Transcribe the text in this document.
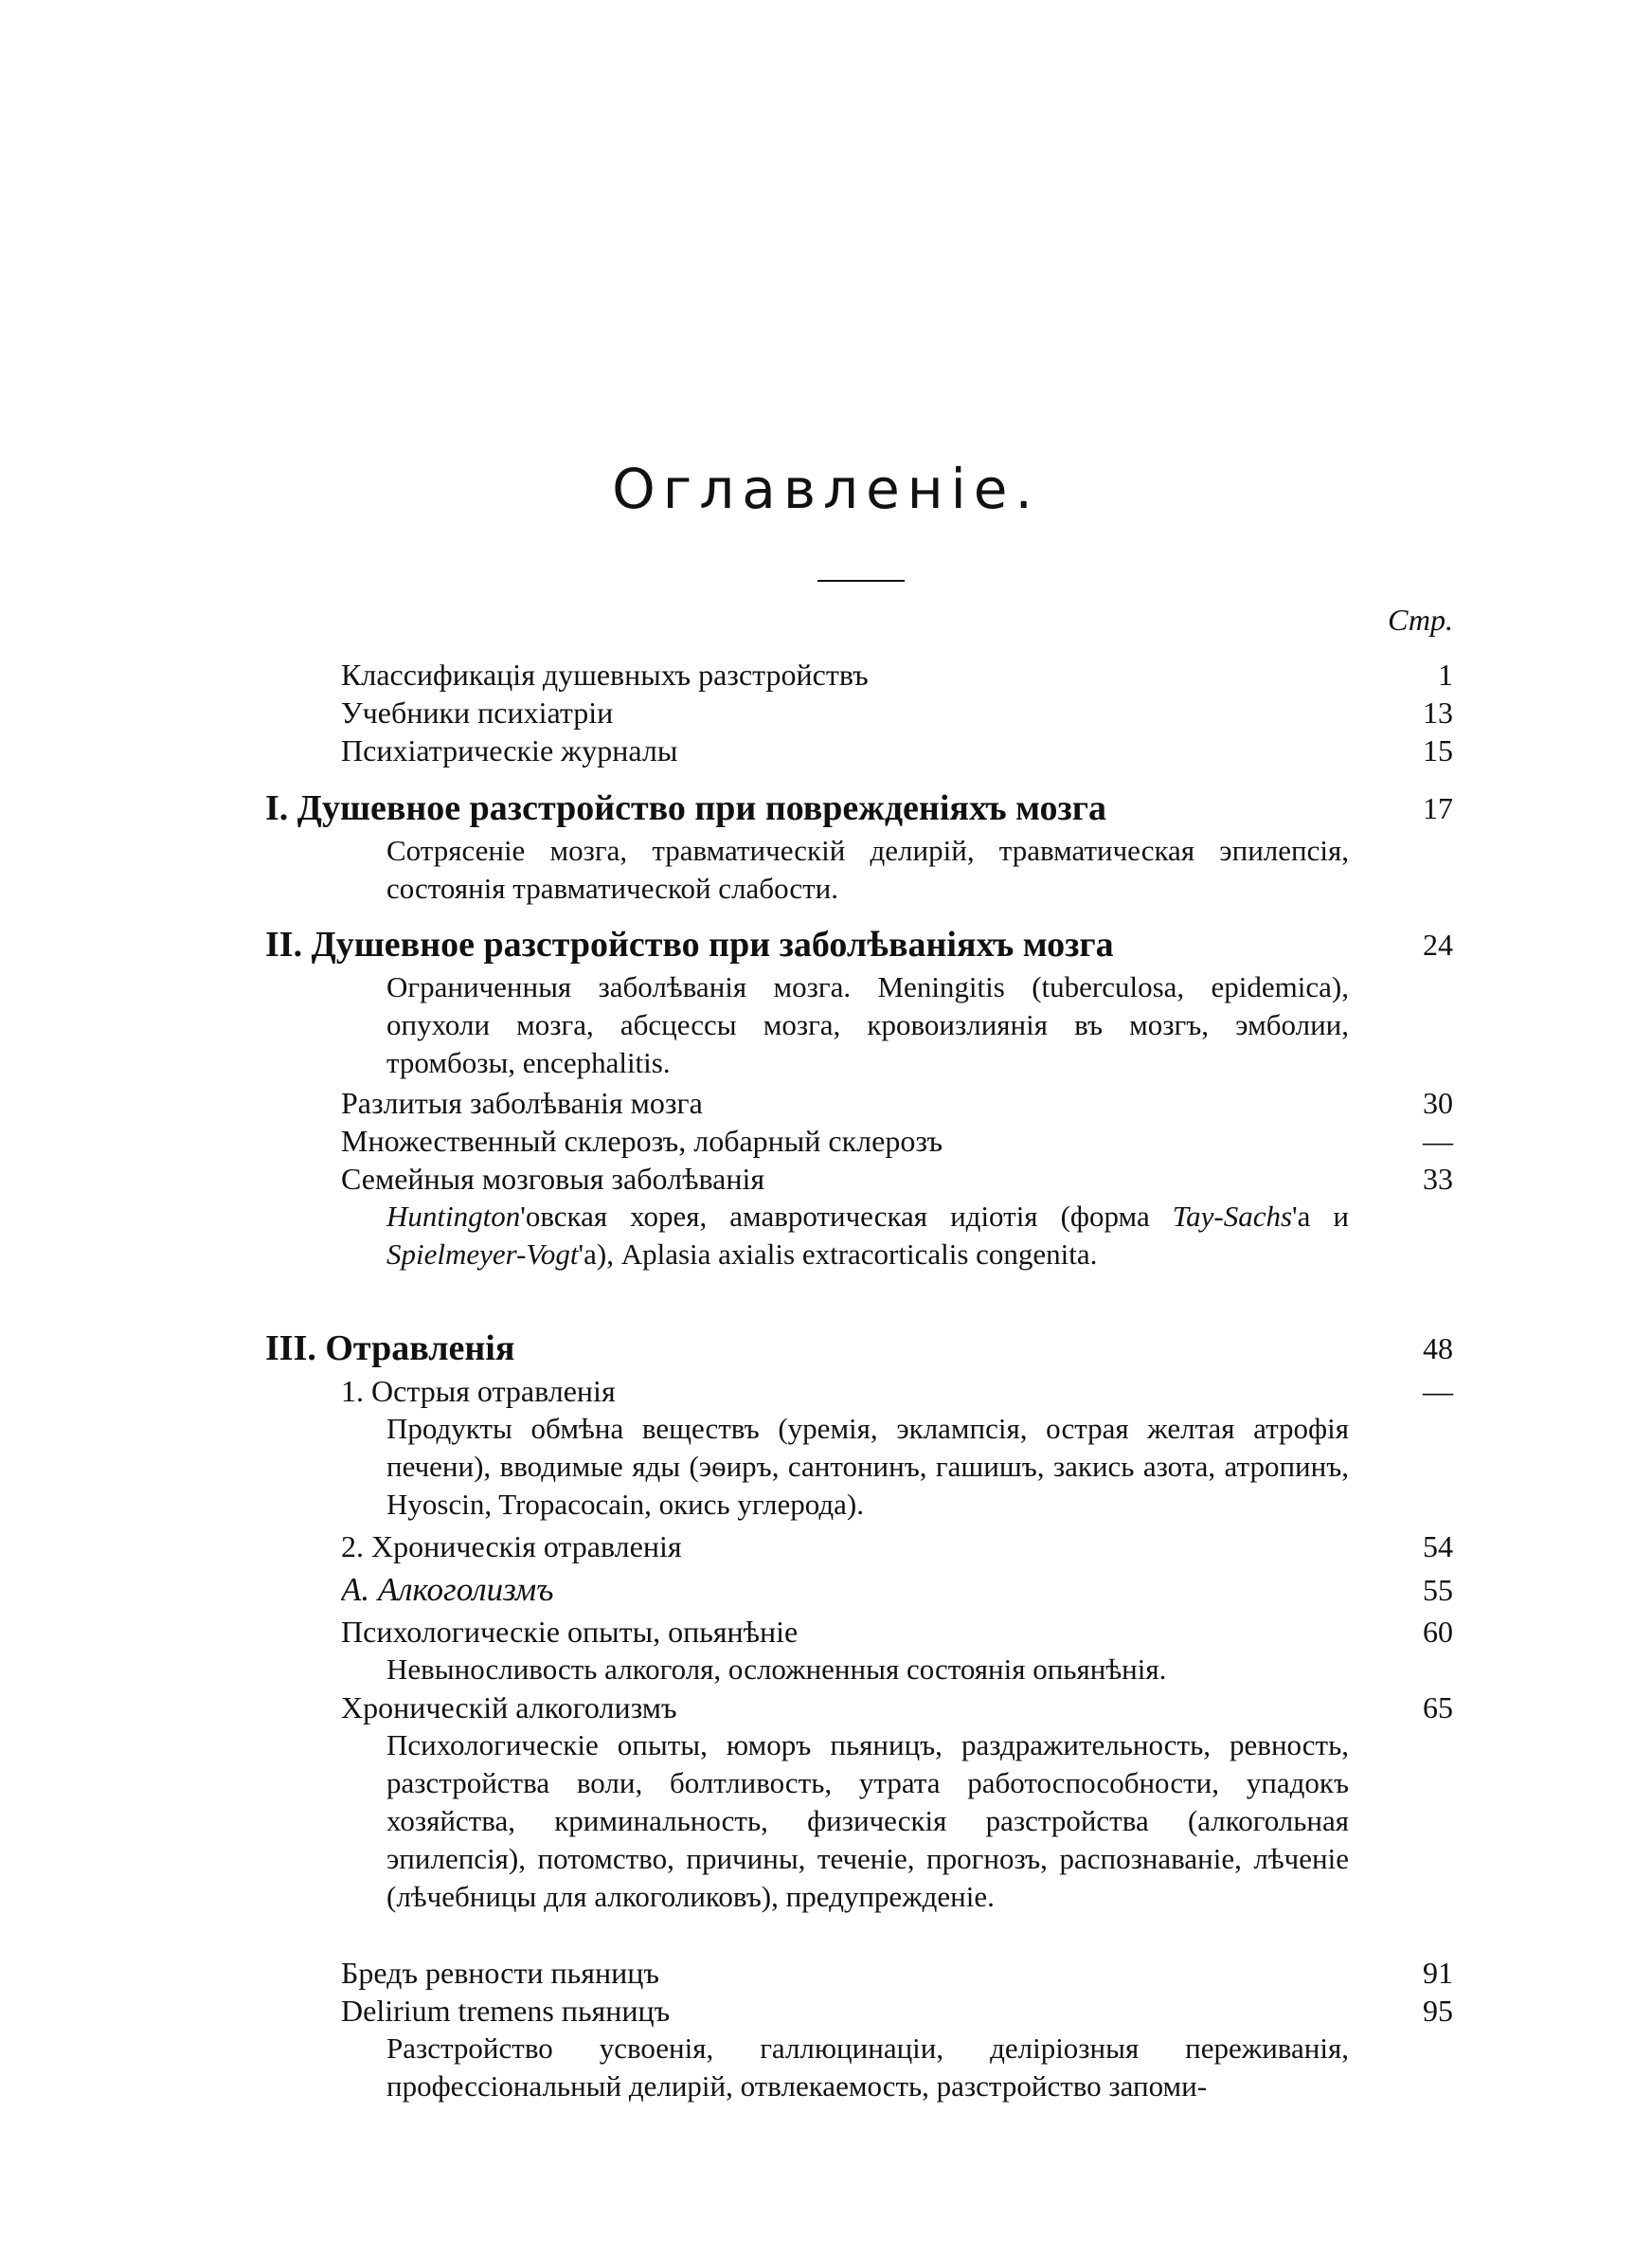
Оглавленіе.
Стр.
Классификація душевныхъ разстройствъ . . .	1
Учебники психіатріи . . .	13
Психіатрическіе журналы . . .	15
I. Душевное разстройство при поврежденіяхъ мозга . . .	17
Сотрясеніе мозга, травматическій делирій, травматическая эпилепсія, состоянія травматической слабости.
II. Душевное разстройство при заболѣваніяхъ мозга . . .	24
Ограниченныя заболѣванія мозга. Meningitis (tuberculosa, epidemica), опухоли мозга, абсцессы мозга, кровоизлиянія въ мозгъ, эмболии, тромбозы, encephalitis.
Разлитыя заболѣванія мозга . . .	30
Множественный склерозъ, лобарный склерозъ . . .	—
Семейныя мозговыя заболѣванія . . .	33
Huntington'овская хорея, амавротическая идіотія (форма Tay-Sachs'а и Spielmeyer-Vogt'а), Aplasia axialis extracorticalis congenita.
III. Отравленія . . .	48
1. Острыя отравленія . . .	—
Продукты обмѣна веществъ (уремія, эклампсія, острая желтая атрофія печени), вводимые яды (эѳиръ, сантонинъ, гашишъ, закись азота, атропинъ, Hyoscin, Tropacocain, окись углерода).
2. Хроническія отравленія . . .	54
A. Алкоголизмъ . . .	55
Психологическіе опыты, опьянѣніе . . .	60
Невыносливость алкоголя, осложненныя состоянія опьянѣнія.
Хроническій алкоголизмъ . . .	65
Психологическіе опыты, юморъ пьяницъ, раздражительность, ревность, разстройства воли, болтливость, утрата работоспособности, упадокъ хозяйства, криминальность, физическія разстройства (алкогольная эпилепсія), потомство, причины, теченіе, прогнозъ, распознаваніе, лѣченіе (лѣчебницы для алкоголиковъ), предупрежденіе.
Бредъ ревности пьяницъ . . .	91
Delirium tremens пьяницъ . . .	95
Разстройство усвоенія, галлюцинаціи, деліріозныя переживанія, профессіональный делирій, отвлекаемость, разстройство запоми-
